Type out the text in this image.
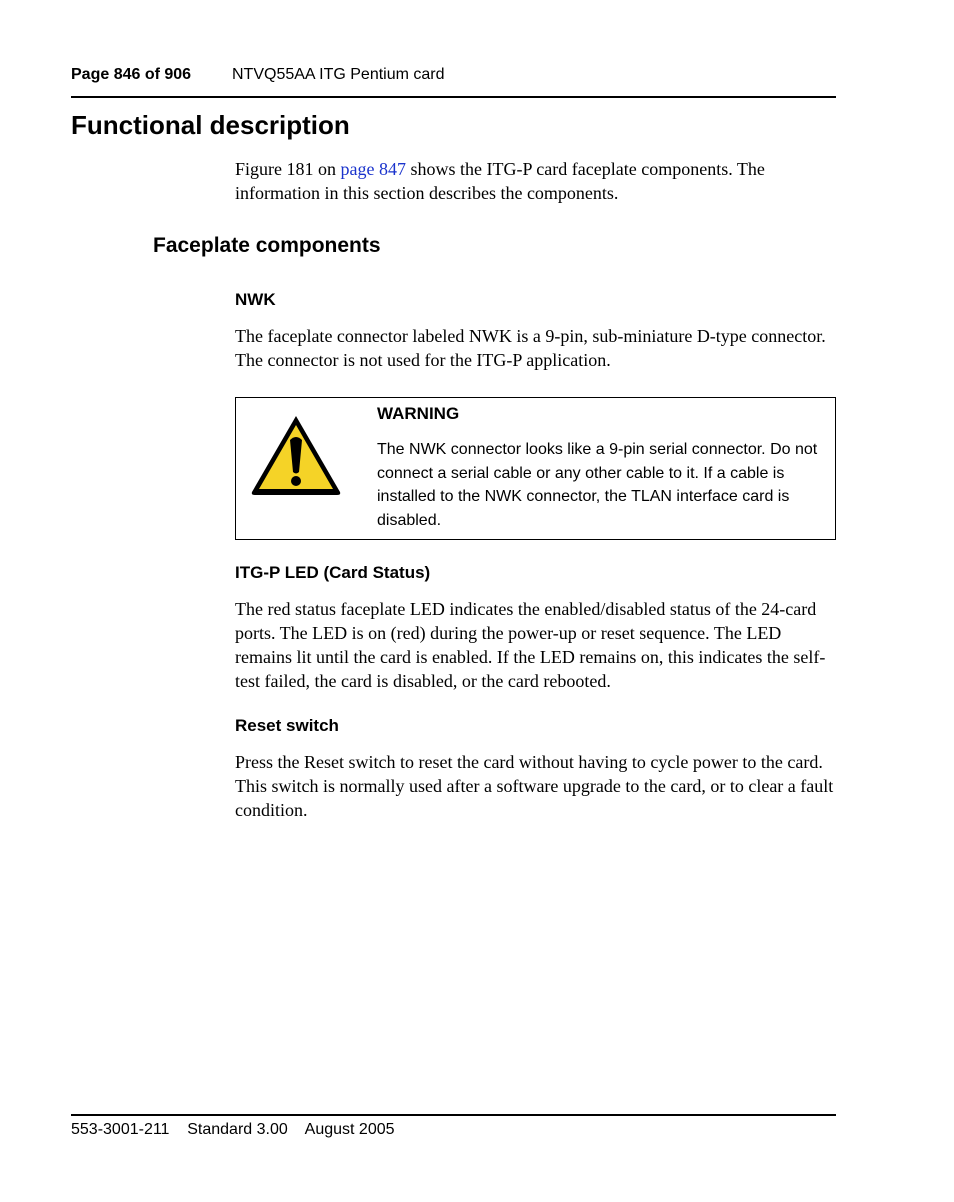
Page 846 of 906	NTVQ55AA ITG Pentium card
Functional description
Figure 181 on page 847 shows the ITG-P card faceplate components. The information in this section describes the components.
Faceplate components
NWK
The faceplate connector labeled NWK is a 9-pin, sub-miniature D-type connector. The connector is not used for the ITG-P application.
WARNING
The NWK connector looks like a 9-pin serial connector. Do not connect a serial cable or any other cable to it. If a cable is installed to the NWK connector, the TLAN interface card is disabled.
ITG-P LED (Card Status)
The red status faceplate LED indicates the enabled/disabled status of the 24-card ports. The LED is on (red) during the power-up or reset sequence. The LED remains lit until the card is enabled. If the LED remains on, this indicates the self-test failed, the card is disabled, or the card rebooted.
Reset switch
Press the Reset switch to reset the card without having to cycle power to the card. This switch is normally used after a software upgrade to the card, or to clear a fault condition.
553-3001-211 Standard 3.00 August 2005
